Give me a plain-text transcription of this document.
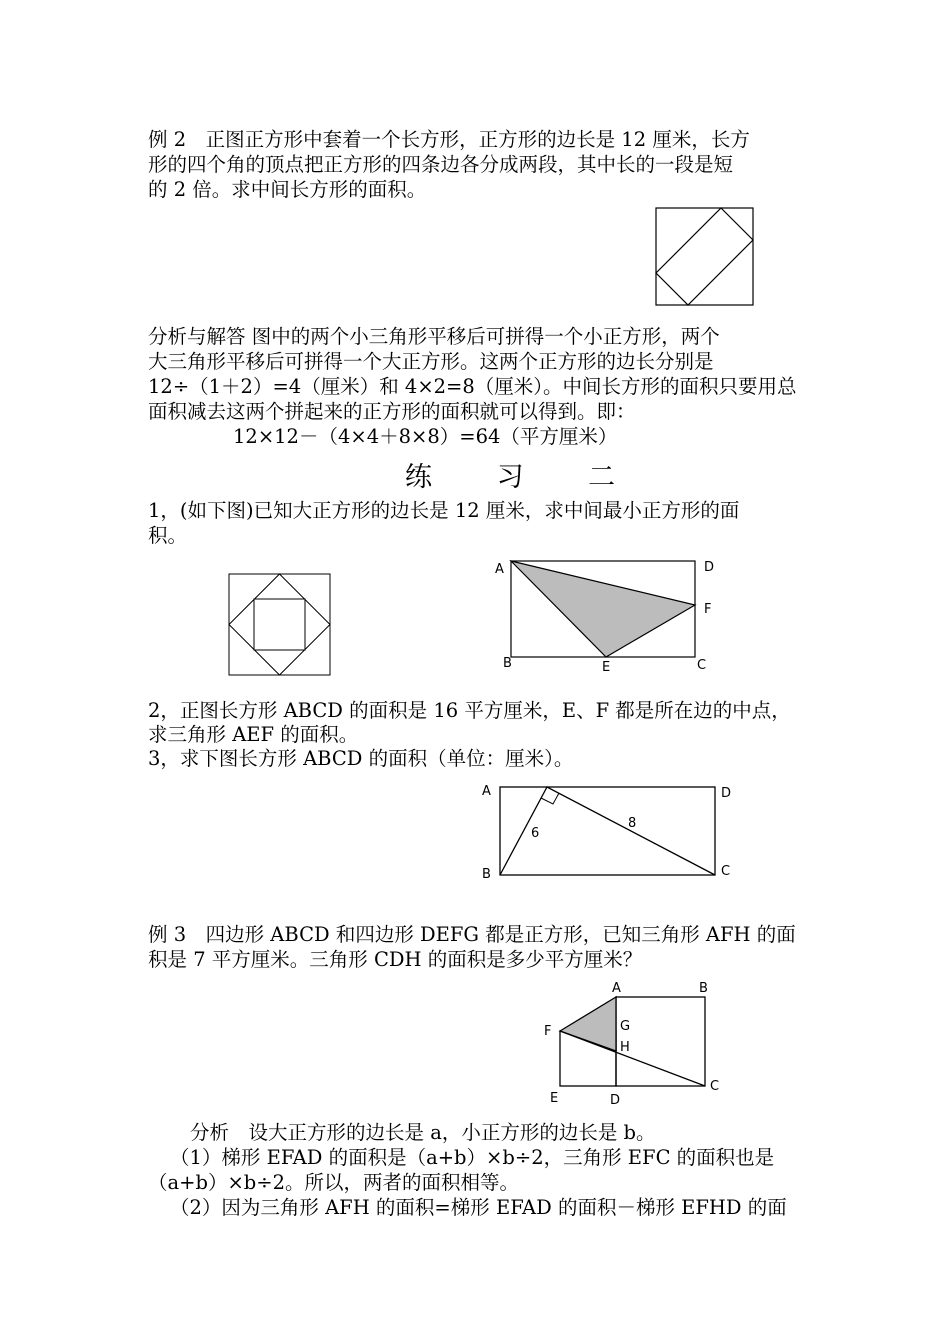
例 2　正图正方形中套着一个长方形，正方形的边长是 12 厘米，长方
形的四个角的顶点把正方形的四条边各分成两段，其中长的一段是短
的 2 倍。求中间长方形的面积。
分析与解答 图中的两个小三角形平移后可拼得一个小正方形，两个
大三角形平移后可拼得一个大正方形。这两个正方形的边长分别是
12÷（1＋2）=4（厘米）和 4×2=8（厘米）。中间长方形的面积只要用总
面积减去这两个拼起来的正方形的面积就可以得到。即：
12×12－（4×4＋8×8）=64（平方厘米）
练 习 二
1，(如下图)已知大正方形的边长是 12 厘米，求中间最小正方形的面
积。
A	D
F
B	E	C
2，正图长方形 ABCD 的面积是 16 平方厘米，E、F 都是所在边的中点，
求三角形 AEF 的面积。
3，求下图长方形 ABCD 的面积（单位：厘米）。
A	D
B	C
6
8
例 3　四边形 ABCD 和四边形 DEFG 都是正方形，已知三角形 AFH 的面
积是 7 平方厘米。三角形 CDH 的面积是多少平方厘米？
A	B
F	G
H
C
E	D
分析　设大正方形的边长是 a，小正方形的边长是 b。
（1）梯形 EFAD 的面积是（a+b）×b÷2，三角形 EFC 的面积也是
（a+b）×b÷2。所以，两者的面积相等。
（2）因为三角形 AFH 的面积=梯形 EFAD 的面积－梯形 EFHD 的面
